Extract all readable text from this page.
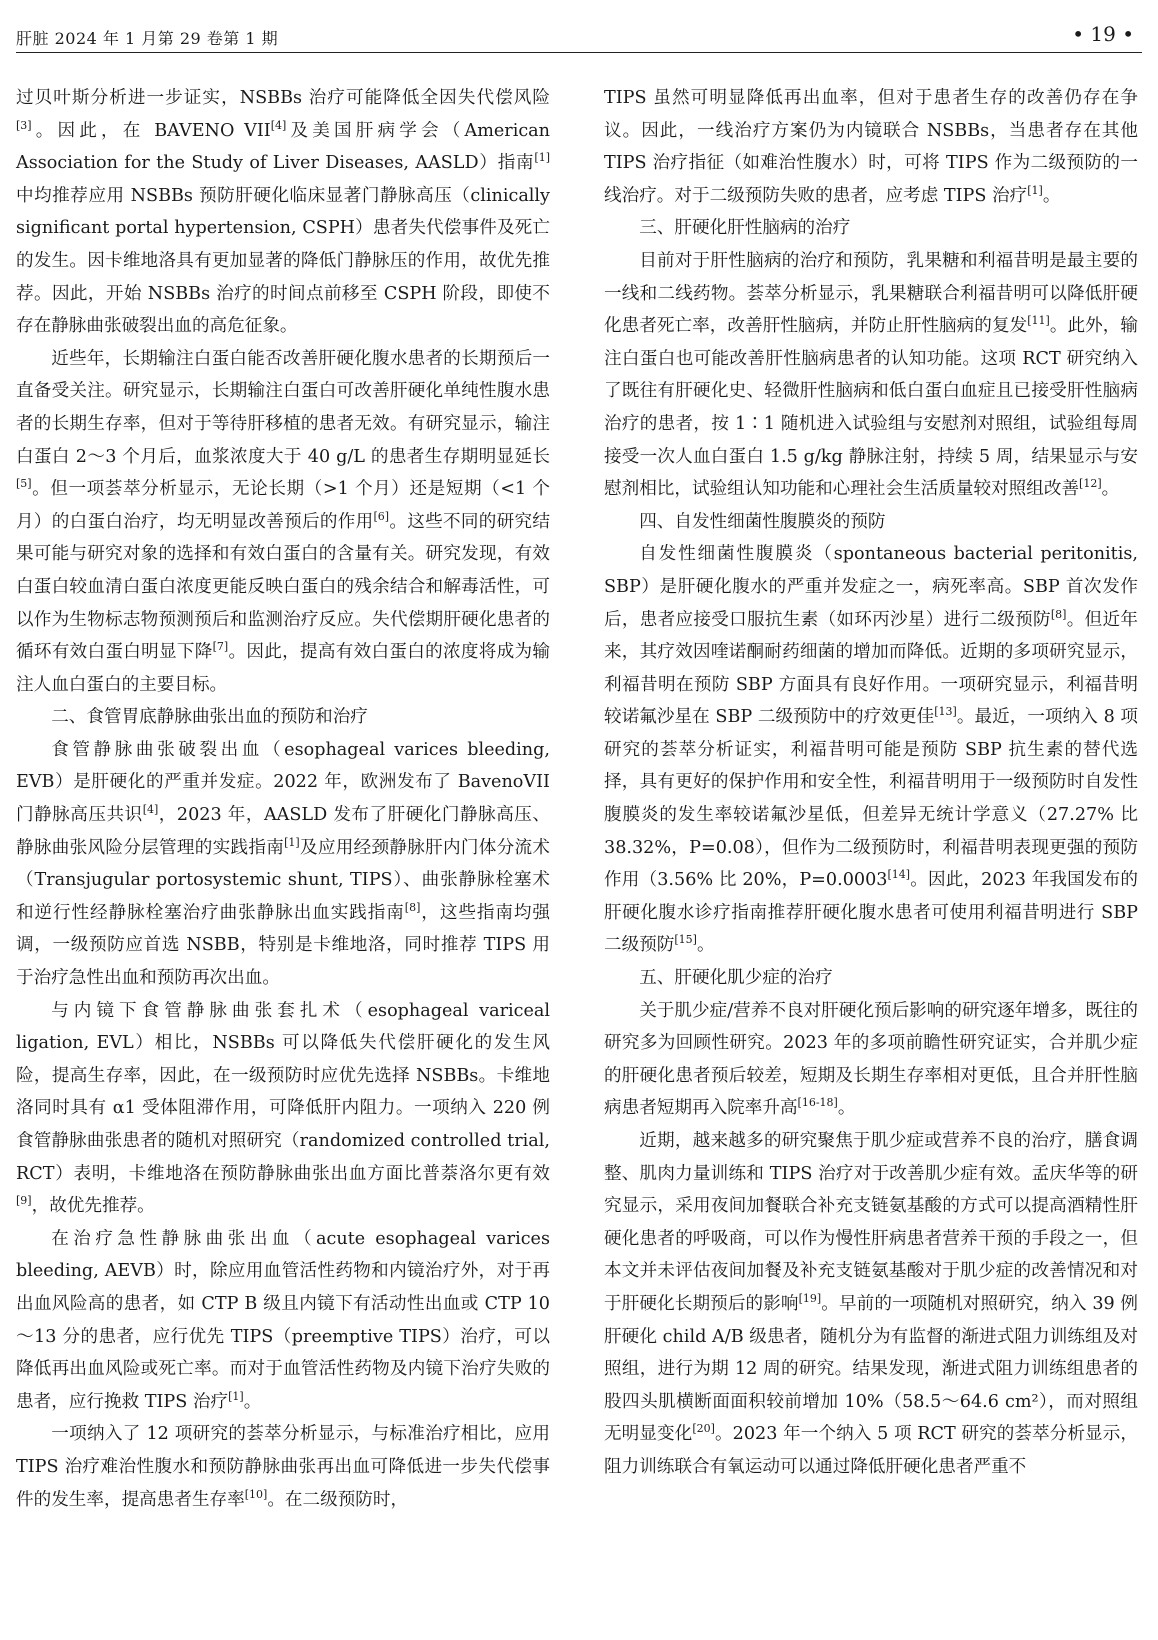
肝脏 2024 年 1 月第 29 卷第 1 期	• 19 •

过贝叶斯分析进一步证实，NSBBs 治疗可能降低全因失代偿风险[3]。因此，在 BAVENO VII[4]及美国肝病学会（American Association for the Study of Liver Diseases, AASLD）指南[1]中均推荐应用 NSBBs 预防肝硬化临床显著门静脉高压（clinically significant portal hypertension, CSPH）患者失代偿事件及死亡的发生。因卡维地洛具有更加显著的降低门静脉压的作用，故优先推荐。因此，开始 NSBBs 治疗的时间点前移至 CSPH 阶段，即使不存在静脉曲张破裂出血的高危征象。

近些年，长期输注白蛋白能否改善肝硬化腹水患者的长期预后一直备受关注。研究显示，长期输注白蛋白可改善肝硬化单纯性腹水患者的长期生存率，但对于等待肝移植的患者无效。有研究显示，输注白蛋白 2～3 个月后，血浆浓度大于 40 g/L 的患者生存期明显延长[5]。但一项荟萃分析显示，无论长期（>1 个月）还是短期（<1 个月）的白蛋白治疗，均无明显改善预后的作用[6]。这些不同的研究结果可能与研究对象的选择和有效白蛋白的含量有关。研究发现，有效白蛋白较血清白蛋白浓度更能反映白蛋白的残余结合和解毒活性，可以作为生物标志物预测预后和监测治疗反应。失代偿期肝硬化患者的循环有效白蛋白明显下降[7]。因此，提高有效白蛋白的浓度将成为输注人血白蛋白的主要目标。

二、食管胃底静脉曲张出血的预防和治疗

食管静脉曲张破裂出血（esophageal varices bleeding, EVB）是肝硬化的严重并发症。2022 年，欧洲发布了 BavenoVII 门静脉高压共识[4]，2023 年，AASLD 发布了肝硬化门静脉高压、静脉曲张风险分层管理的实践指南[1]及应用经颈静脉肝内门体分流术（Transjugular portosystemic shunt, TIPS）、曲张静脉栓塞术和逆行性经静脉栓塞治疗曲张静脉出血实践指南[8]，这些指南均强调，一级预防应首选 NSBB，特别是卡维地洛，同时推荐 TIPS 用于治疗急性出血和预防再次出血。

与内镜下食管静脉曲张套扎术（esophageal variceal ligation, EVL）相比，NSBBs 可以降低失代偿肝硬化的发生风险，提高生存率，因此，在一级预防时应优先选择 NSBBs。卡维地洛同时具有 α1 受体阻滞作用，可降低肝内阻力。一项纳入 220 例食管静脉曲张患者的随机对照研究（randomized controlled trial, RCT）表明，卡维地洛在预防静脉曲张出血方面比普萘洛尔更有效[9]，故优先推荐。

在治疗急性静脉曲张出血（acute esophageal varices bleeding, AEVB）时，除应用血管活性药物和内镜治疗外，对于再出血风险高的患者，如 CTP B 级且内镜下有活动性出血或 CTP 10～13 分的患者，应行优先 TIPS（preemptive TIPS）治疗，可以降低再出血风险或死亡率。而对于血管活性药物及内镜下治疗失败的患者，应行挽救 TIPS 治疗[1]。

一项纳入了 12 项研究的荟萃分析显示，与标准治疗相比，应用 TIPS 治疗难治性腹水和预防静脉曲张再出血可降低进一步失代偿事件的发生率，提高患者生存率[10]。在二级预防时，

TIPS 虽然可明显降低再出血率，但对于患者生存的改善仍存在争议。因此，一线治疗方案仍为内镜联合 NSBBs，当患者存在其他 TIPS 治疗指征（如难治性腹水）时，可将 TIPS 作为二级预防的一线治疗。对于二级预防失败的患者，应考虑 TIPS 治疗[1]。

三、肝硬化肝性脑病的治疗

目前对于肝性脑病的治疗和预防，乳果糖和利福昔明是最主要的一线和二线药物。荟萃分析显示，乳果糖联合利福昔明可以降低肝硬化患者死亡率，改善肝性脑病，并防止肝性脑病的复发[11]。此外，输注白蛋白也可能改善肝性脑病患者的认知功能。这项 RCT 研究纳入了既往有肝硬化史、轻微肝性脑病和低白蛋白血症且已接受肝性脑病治疗的患者，按 1∶1 随机进入试验组与安慰剂对照组，试验组每周接受一次人血白蛋白 1.5 g/kg 静脉注射，持续 5 周，结果显示与安慰剂相比，试验组认知功能和心理社会生活质量较对照组改善[12]。

四、自发性细菌性腹膜炎的预防

自发性细菌性腹膜炎（spontaneous bacterial peritonitis, SBP）是肝硬化腹水的严重并发症之一，病死率高。SBP 首次发作后，患者应接受口服抗生素（如环丙沙星）进行二级预防[8]。但近年来，其疗效因喹诺酮耐药细菌的增加而降低。近期的多项研究显示，利福昔明在预防 SBP 方面具有良好作用。一项研究显示，利福昔明较诺氟沙星在 SBP 二级预防中的疗效更佳[13]。最近，一项纳入 8 项研究的荟萃分析证实，利福昔明可能是预防 SBP 抗生素的替代选择，具有更好的保护作用和安全性，利福昔明用于一级预防时自发性腹膜炎的发生率较诺氟沙星低，但差异无统计学意义（27.27% 比 38.32%，P=0.08），但作为二级预防时，利福昔明表现更强的预防作用（3.56% 比 20%，P=0.0003[14]。因此，2023 年我国发布的肝硬化腹水诊疗指南推荐肝硬化腹水患者可使用利福昔明进行 SBP 二级预防[15]。

五、肝硬化肌少症的治疗

关于肌少症/营养不良对肝硬化预后影响的研究逐年增多，既往的研究多为回顾性研究。2023 年的多项前瞻性研究证实，合并肌少症的肝硬化患者预后较差，短期及长期生存率相对更低，且合并肝性脑病患者短期再入院率升高[16-18]。

近期，越来越多的研究聚焦于肌少症或营养不良的治疗，膳食调整、肌肉力量训练和 TIPS 治疗对于改善肌少症有效。孟庆华等的研究显示，采用夜间加餐联合补充支链氨基酸的方式可以提高酒精性肝硬化患者的呼吸商，可以作为慢性肝病患者营养干预的手段之一，但本文并未评估夜间加餐及补充支链氨基酸对于肌少症的改善情况和对于肝硬化长期预后的影响[19]。早前的一项随机对照研究，纳入 39 例肝硬化 child A/B 级患者，随机分为有监督的渐进式阻力训练组及对照组，进行为期 12 周的研究。结果发现，渐进式阻力训练组患者的股四头肌横断面面积较前增加 10%（58.5～64.6 cm²），而对照组无明显变化[20]。2023 年一个纳入 5 项 RCT 研究的荟萃分析显示，阻力训练联合有氧运动可以通过降低肝硬化患者严重不
